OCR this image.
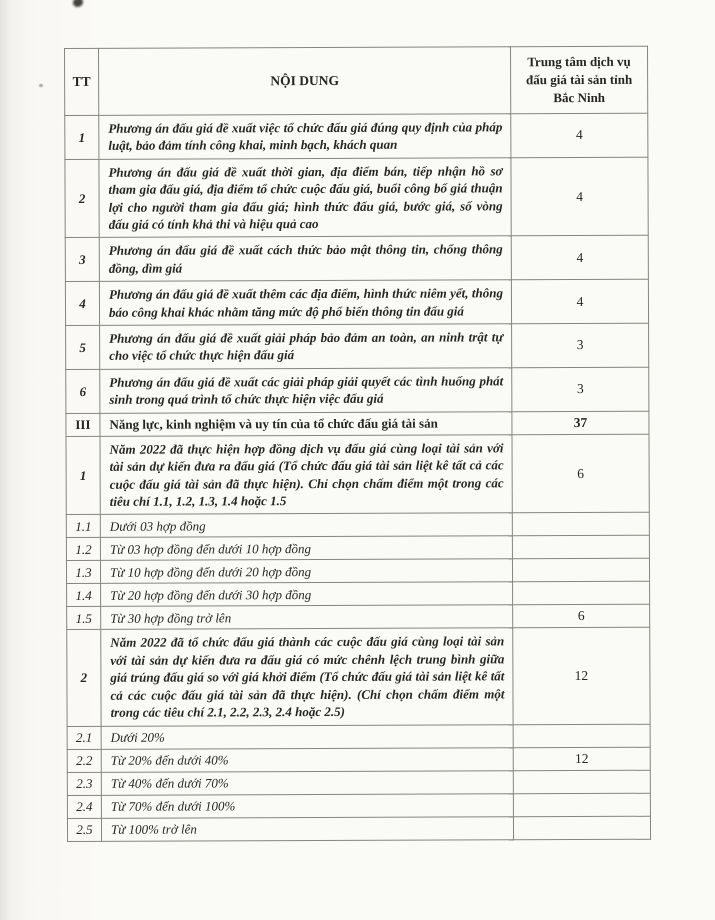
TT	NỘI DUNG	Trung tâm dịch vụ đấu giá tài sản tỉnh Bắc Ninh
1	Phương án đấu giá đề xuất việc tổ chức đấu giá đúng quy định của pháp luật, bảo đảm tính công khai, minh bạch, khách quan	4
2	Phương án đấu giá đề xuất thời gian, địa điểm bán, tiếp nhận hồ sơ tham gia đấu giá, địa điểm tổ chức cuộc đấu giá, buổi công bố giá thuận lợi cho người tham gia đấu giá; hình thức đấu giá, bước giá, số vòng đấu giá có tính khả thi và hiệu quả cao	4
3	Phương án đấu giá đề xuất cách thức bảo mật thông tin, chống thông đồng, dìm giá	4
4	Phương án đấu giá đề xuất thêm các địa điểm, hình thức niêm yết, thông báo công khai khác nhằm tăng mức độ phổ biến thông tin đấu giá	4
5	Phương án đấu giá đề xuất giải pháp bảo đảm an toàn, an ninh trật tự cho việc tổ chức thực hiện đấu giá	3
6	Phương án đấu giá đề xuất các giải pháp giải quyết các tình huống phát sinh trong quá trình tổ chức thực hiện việc đấu giá	3
III	Năng lực, kinh nghiệm và uy tín của tổ chức đấu giá tài sản	37
1	Năm 2022 đã thực hiện hợp đồng dịch vụ đấu giá cùng loại tài sản với tài sản dự kiến đưa ra đấu giá (Tổ chức đấu giá tài sản liệt kê tất cả các cuộc đấu giá tài sản đã thực hiện). Chỉ chọn chấm điểm một trong các tiêu chí 1.1, 1.2, 1.3, 1.4 hoặc 1.5	6
1.1	Dưới 03 hợp đồng	
1.2	Từ 03 hợp đồng đến dưới 10 hợp đồng	
1.3	Từ 10 hợp đồng đến dưới 20 hợp đồng	
1.4	Từ 20 hợp đồng đến dưới 30 hợp đồng	
1.5	Từ 30 hợp đồng trở lên	6
2	Năm 2022 đã tổ chức đấu giá thành các cuộc đấu giá cùng loại tài sản với tài sản dự kiến đưa ra đấu giá có mức chênh lệch trung bình giữa giá trúng đấu giá so với giá khởi điểm (Tổ chức đấu giá tài sản liệt kê tất cả các cuộc đấu giá tài sản đã thực hiện). (Chỉ chọn chấm điểm một trong các tiêu chí 2.1, 2.2, 2.3, 2.4 hoặc 2.5)	12
2.1	Dưới 20%	
2.2	Từ 20% đến dưới 40%	12
2.3	Từ 40% đến dưới 70%	
2.4	Từ 70% đến dưới 100%	
2.5	Từ 100% trở lên	
